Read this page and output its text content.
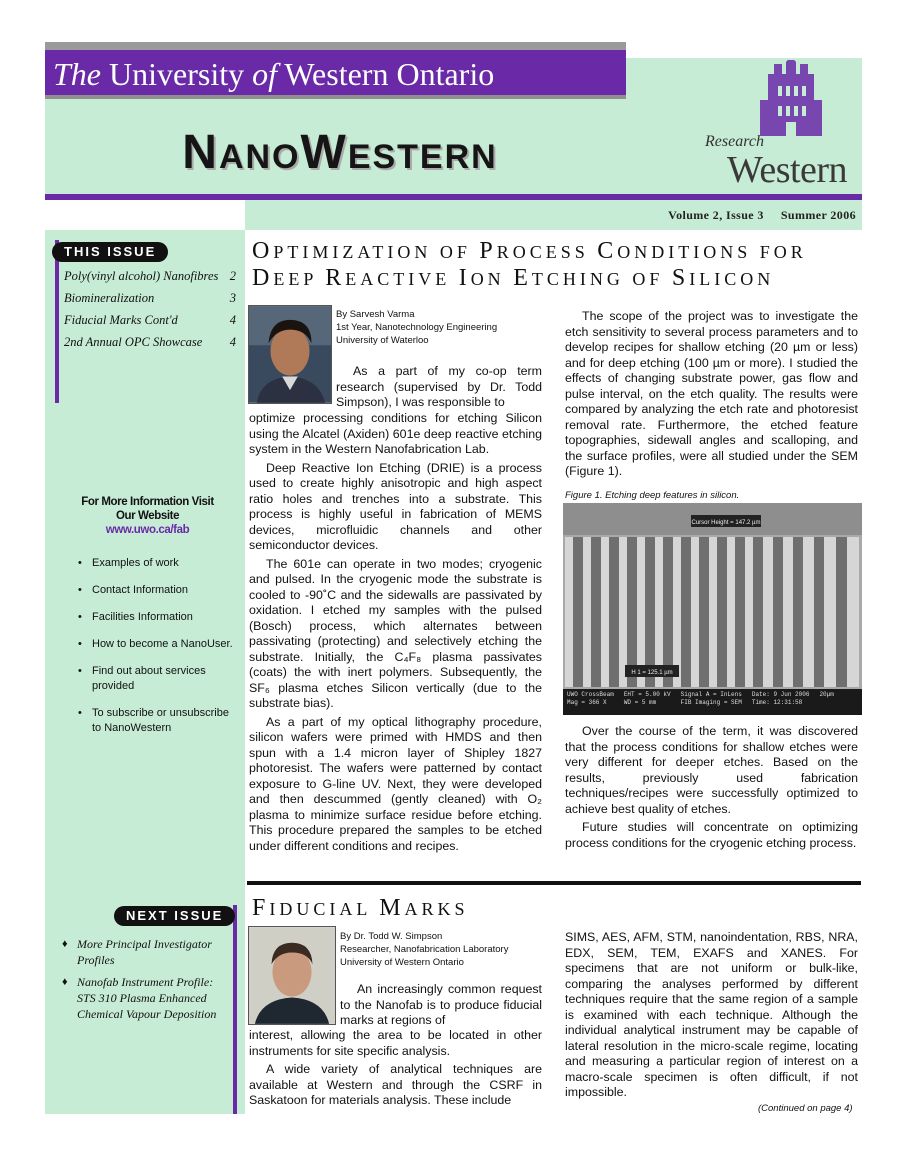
The University of Western Ontario
NANOWESTERN	Research
Western
Volume 2, Issue 3     Summer 2006
THIS ISSUE
Poly(vinyl alcohol) Nanofibres 2
Biomineralization	3
Fiducial Marks Cont'd	4
2nd Annual OPC Showcase 4
For More Information Visit
Our Website
www.uwo.ca/fab
• Examples of work
• Contact Information
• Facilities Information
• How to become a NanoUser.
• Find out about services provided
• To subscribe or unsubscribe to NanoWestern
NEXT ISSUE
♦ More Principal Investigator Profiles
♦ Nanofab Instrument Profile: STS 310 Plasma Enhanced Chemical Vapour Deposition
OPTIMIZATION OF PROCESS CONDITIONS FOR
DEEP REACTIVE ION ETCHING OF SILICON
By Sarvesh Varma
1st Year, Nanotechnology Engineering
University of Waterloo

As a part of my co-op term research (supervised by Dr. Todd Simpson), I was responsible to

optimize processing conditions for etching Silicon using the Alcatel (Axiden) 601e deep reactive etching system in the Western Nanofabrication Lab.

Deep Reactive Ion Etching (DRIE) is a process used to create highly anisotropic and high aspect ratio holes and trenches into a substrate. This process is highly useful in fabrication of MEMS devices, microfluidic channels and other semiconductor devices.

The 601e can operate in two modes; cryogenic and pulsed. In the cryogenic mode the substrate is cooled to -90˚C and the sidewalls are passivated by oxidation. I etched my samples with the pulsed (Bosch) process, which alternates between passivating (protecting) and selectively etching the substrate. Initially, the C₄F₈ plasma passivates (coats) the with inert polymers. Subsequently, the SF₆ plasma etches Silicon vertically (due to the substrate bias).

As a part of my optical lithography procedure, silicon wafers were primed with HMDS and then spun with a 1.4 micron layer of Shipley 1827 photoresist. The wafers were patterned by contact exposure to G-line UV. Next, they were developed and then descummed (gently cleaned) with O₂ plasma to minimize surface residue before etching. This procedure prepared the samples to be etched under different conditions and recipes.

The scope of the project was to investigate the etch sensitivity to several process parameters and to develop recipes for shallow etching (20 µm or less) and for deep etching (100 µm or more). I studied the effects of changing substrate power, gas flow and pulse interval, on the etch quality. The results were compared by analyzing the etch rate and photoresist removal rate. Furthermore, the etched feature topographies, sidewall angles and scalloping, and the surface profiles, were all studied under the SEM (Figure 1).

Figure 1. Etching deep features in silicon.
Cursor Height = 147.2 µm
H 1 = 125.1 µm
UWO CrossBeam
Mag = 366 X
EHT = 5.00 kV
WD = 5 mm
Signal A = InLens
FIB Imaging = SEM
Date: 9 Jun 2006
Time: 12:31:58
20µm

Over the course of the term, it was discovered that the process conditions for shallow etches were very different for deeper etches. Based on the results, previously used fabrication techniques/recipes were successfully optimized to achieve best quality of etches.

Future studies will concentrate on optimizing process conditions for the cryogenic etching process.

FIDUCIAL MARKS
By Dr. Todd W. Simpson
Researcher, Nanofabrication Laboratory
University of Western Ontario

An increasingly common request to the Nanofab is to produce fiducial marks at regions of

interest, allowing the area to be located in other instruments for site specific analysis.

A wide variety of analytical techniques are available at Western and through the CSRF in Saskatoon for materials analysis. These include

SIMS, AES, AFM, STM, nanoindentation, RBS, NRA, EDX, SEM, TEM, EXAFS and XANES. For specimens that are not uniform or bulk-like, comparing the analyses performed by different techniques require that the same region of a sample is examined with each technique. Although the individual analytical instrument may be capable of lateral resolution in the micro-scale regime, locating and measuring a particular region of interest on a macro-scale specimen is often difficult, if not impossible.

(Continued on page 4)
